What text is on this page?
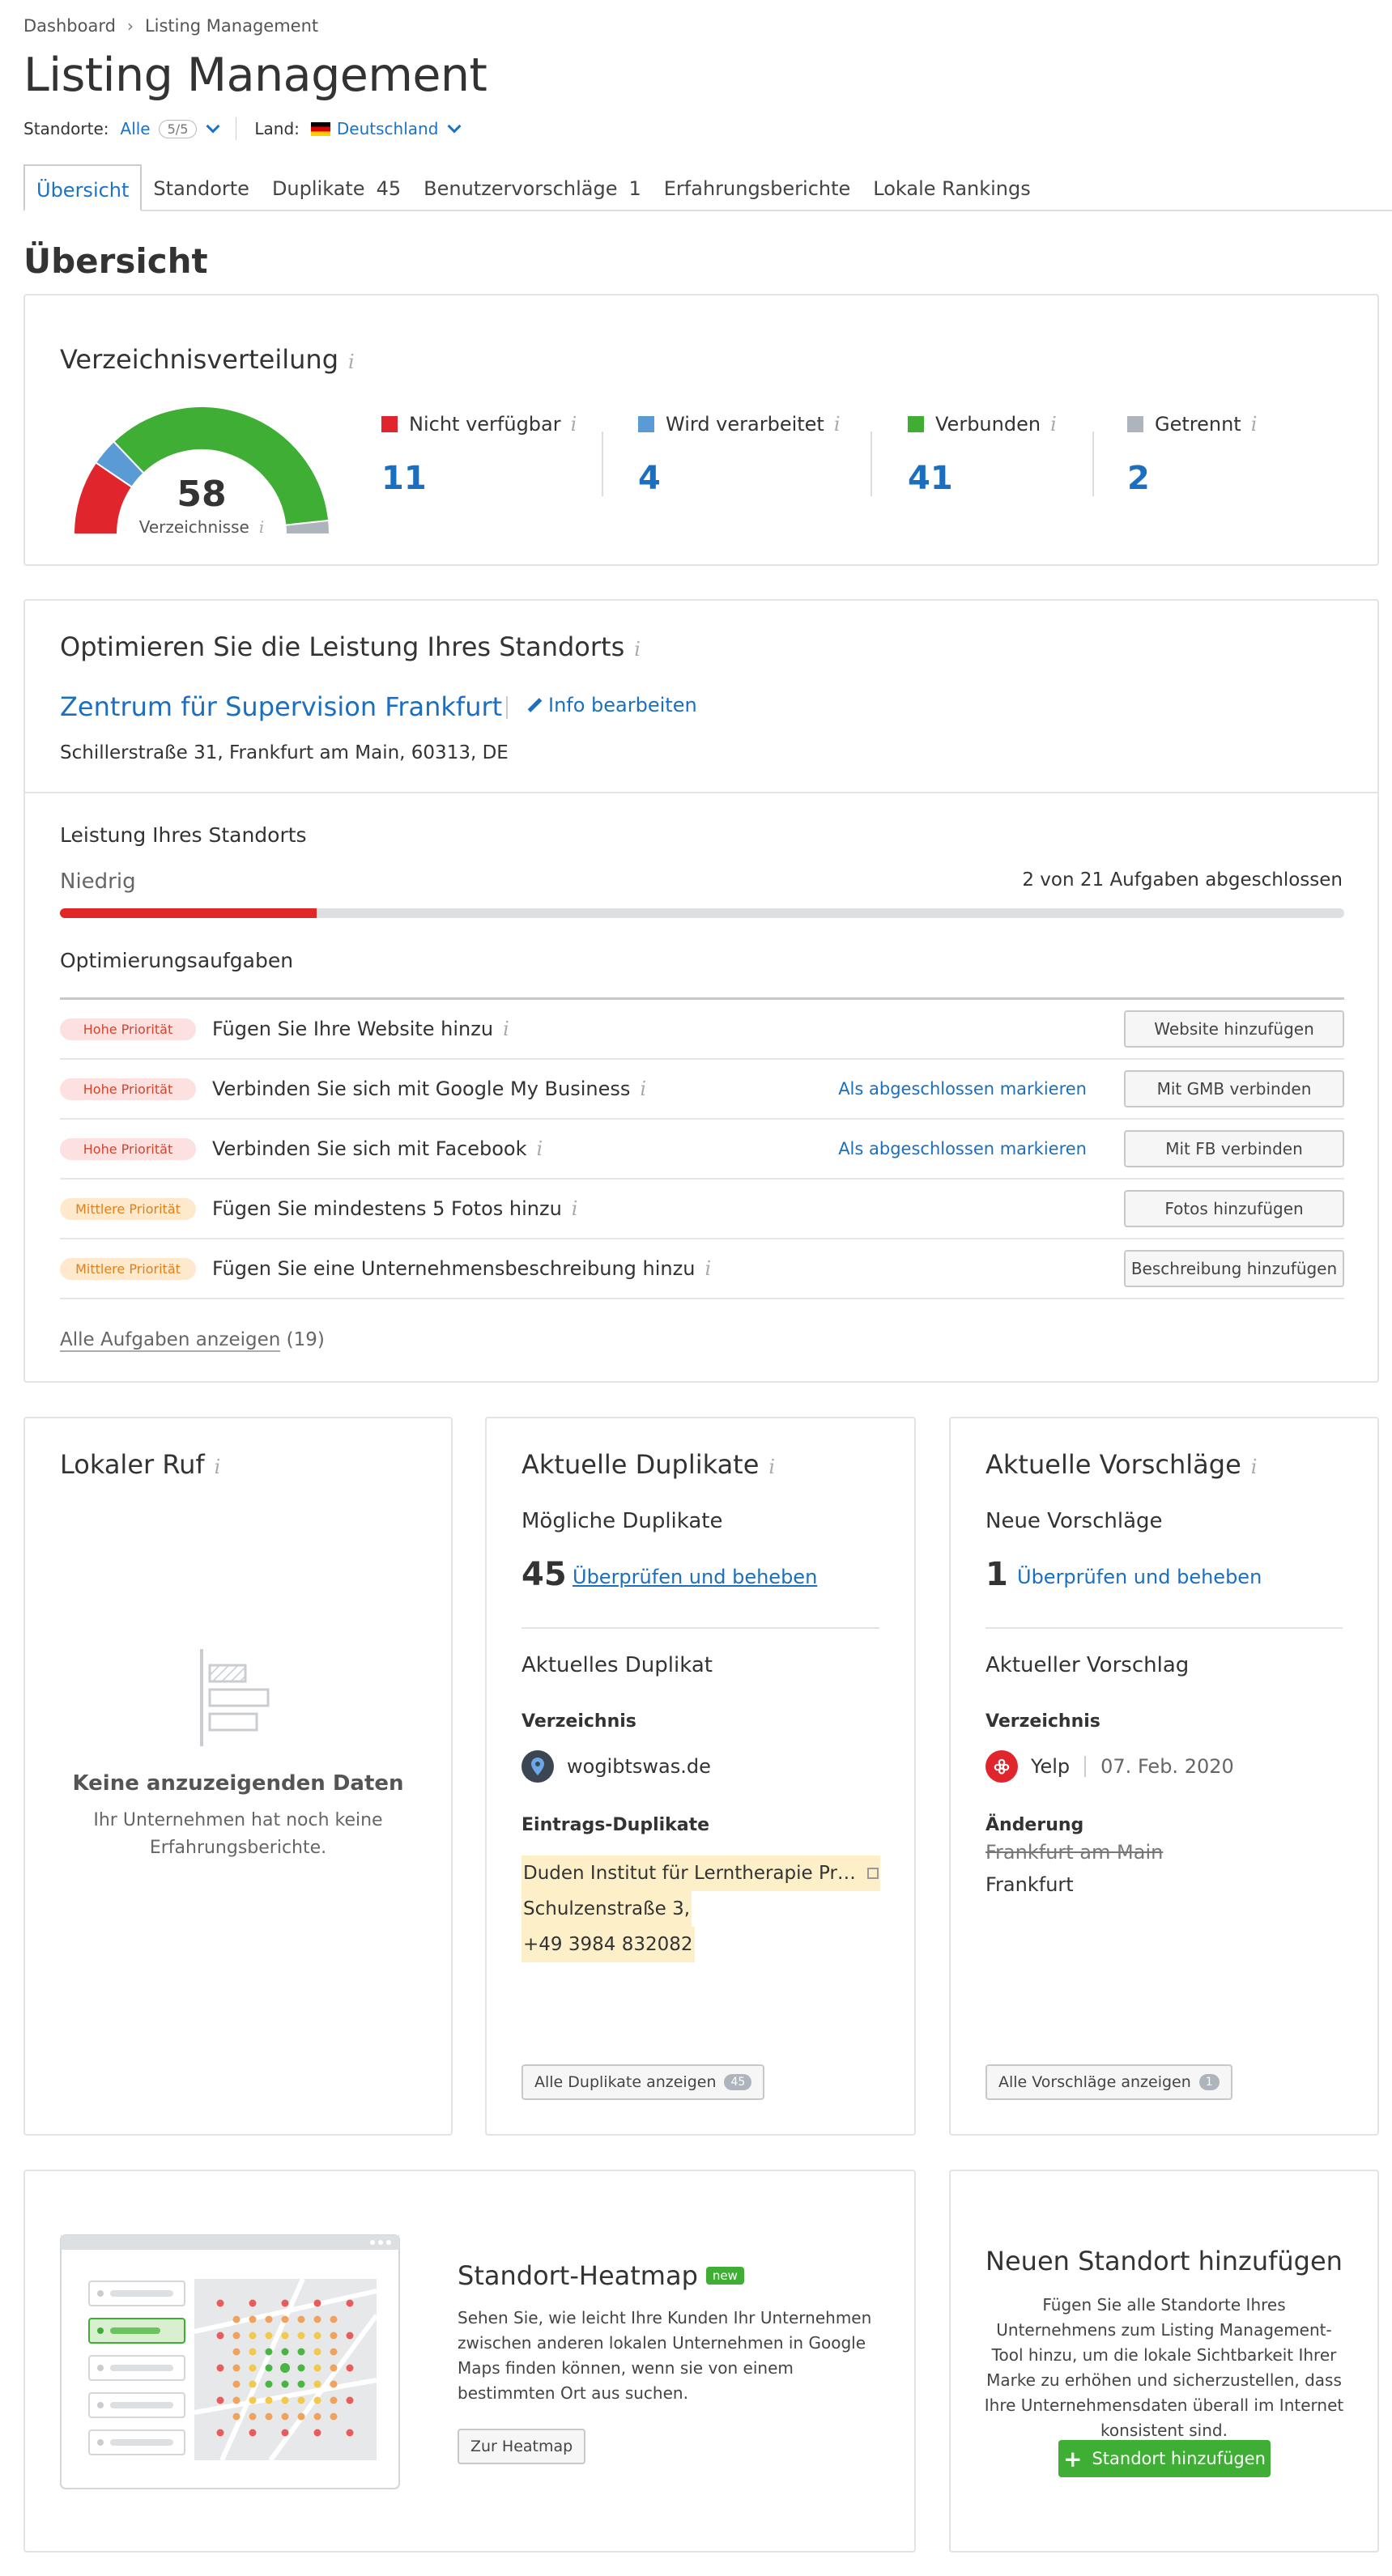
Dashboard › Listing Management
Listing Management
Standorte: Alle	5/5	Land: Deutschland
Übersicht	Standorte	Duplikate 45	Benutzervorschläge 1	Erfahrungsberichte	Lokale Rankings
Übersicht
Verzeichnisverteilung i
58
Verzeichnisse i
Nicht verfügbar i
11
Wird verarbeitet i
4
Verbunden i
41
Getrennt i
2
Optimieren Sie die Leistung Ihres Standorts i
Zentrum für Supervision Frankfurt Info bearbeiten
Schillerstraße 31, Frankfurt am Main, 60313, DE
Leistung Ihres Standorts
Niedrig	2 von 21 Aufgaben abgeschlossen
Optimierungsaufgaben
Hohe Priorität	Fügen Sie Ihre Website hinzu i	Website hinzufügen
Hohe Priorität	Verbinden Sie sich mit Google My Business i	Als abgeschlossen markieren	Mit GMB verbinden
Hohe Priorität	Verbinden Sie sich mit Facebook i	Als abgeschlossen markieren	Mit FB verbinden
Mittlere Priorität	Fügen Sie mindestens 5 Fotos hinzu i	Fotos hinzufügen
Mittlere Priorität	Fügen Sie eine Unternehmensbeschreibung hinzu i	Beschreibung hinzufügen
Alle Aufgaben anzeigen (19)
Lokaler Ruf i
Keine anzuzeigenden Daten
Ihr Unternehmen hat noch keine Erfahrungsberichte.
Aktuelle Duplikate i
Mögliche Duplikate
45 Überprüfen und beheben
Aktuelles Duplikat
Verzeichnis
wogibtswas.de
Eintrags-Duplikate
Duden Institut für Lerntherapie Pr…
Schulzenstraße 3,
+49 3984 832082
Alle Duplikate anzeigen	45
Aktuelle Vorschläge i
Neue Vorschläge
1 Überprüfen und beheben
Aktueller Vorschlag
Verzeichnis
Yelp 07. Feb. 2020
Änderung
Frankfurt am Main
Frankfurt
Alle Vorschläge anzeigen	1
Standort-Heatmap	new
Sehen Sie, wie leicht Ihre Kunden Ihr Unternehmen zwischen anderen lokalen Unternehmen in Google Maps finden können, wenn sie von einem bestimmten Ort aus suchen.
Zur Heatmap
Neuen Standort hinzufügen
Fügen Sie alle Standorte Ihres Unternehmens zum Listing Management-Tool hinzu, um die lokale Sichtbarkeit Ihrer Marke zu erhöhen und sicherzustellen, dass Ihre Unternehmensdaten überall im Internet konsistent sind.
+ Standort hinzufügen
